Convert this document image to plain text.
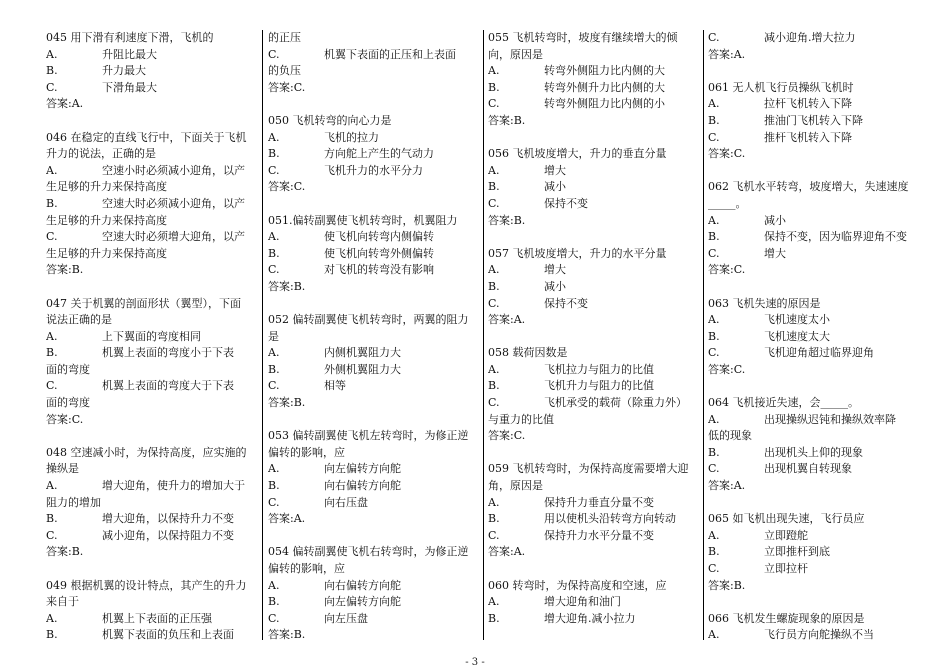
045 用下滑有利速度下滑，飞机的
A.	升阻比最大
B.	升力最大
C.	下滑角最大
答案:A.
046 在稳定的直线飞行中，下面关于飞机
升力的说法，正确的是
A.	空速小时必须减小迎角，以产
生足够的升力来保持高度
B.	空速大时必须减小迎角，以产
生足够的升力来保持高度
C.	空速大时必须增大迎角，以产
生足够的升力来保持高度
答案:B.
047 关于机翼的剖面形状（翼型），下面
说法正确的是
A.	上下翼面的弯度相同
B.	机翼上表面的弯度小于下表
面的弯度
C.	机翼上表面的弯度大于下表
面的弯度
答案:C.
048 空速减小时，为保持高度，应实施的
操纵是
A.	增大迎角，使升力的增加大于
阻力的增加
B.	增大迎角，以保持升力不变
C.	减小迎角，以保持阻力不变
答案:B.
049 根据机翼的设计特点，其产生的升力
来自于
A.	机翼上下表面的正压强
B.	机翼下表面的负压和上表面
的正压
C.	机翼下表面的正压和上表面
的负压
答案:C.
050 飞机转弯的向心力是
A.	飞机的拉力
B.	方向舵上产生的气动力
C.	飞机升力的水平分力
答案:C.
051.偏转副翼使飞机转弯时，机翼阻力
A.	使飞机向转弯内侧偏转
B.	使飞机向转弯外侧偏转
C.	对飞机的转弯没有影响
答案:B.
052 偏转副翼使飞机转弯时，两翼的阻力
是
A.	内侧机翼阻力大
B.	外侧机翼阻力大
C.	相等
答案:B.
053 偏转副翼使飞机左转弯时，为修正逆
偏转的影响，应
A.	向左偏转方向舵
B.	向右偏转方向舵
C.	向右压盘
答案:A.
054 偏转副翼使飞机右转弯时，为修正逆
偏转的影响，应
A.	向右偏转方向舵
B.	向左偏转方向舵
C.	向左压盘
答案:B.
055 飞机转弯时，坡度有继续增大的倾
向，原因是
A.	转弯外侧阻力比内侧的大
B.	转弯外侧升力比内侧的大
C.	转弯外侧阻力比内侧的小
答案:B.
056 飞机坡度增大，升力的垂直分量
A.	增大
B.	减小
C.	保持不变
答案:B.
057 飞机坡度增大，升力的水平分量
A.	增大
B.	减小
C.	保持不变
答案:A.
058 载荷因数是
A.	飞机拉力与阻力的比值
B.	飞机升力与阻力的比值
C.	飞机承受的载荷（除重力外）
与重力的比值
答案:C.
059 飞机转弯时，为保持高度需要增大迎
角，原因是
A.	保持升力垂直分量不变
B.	用以使机头沿转弯方向转动
C.	保持升力水平分量不变
答案:A.
060 转弯时，为保持高度和空速，应
A.	增大迎角和油门
B.	增大迎角.减小拉力
C.	减小迎角.增大拉力
答案:A.
061 无人机飞行员操纵飞机时
A.	拉杆飞机转入下降
B.	推油门飞机转入下降
C.	推杆飞机转入下降
答案:C.
062 飞机水平转弯，坡度增大，失速速度
_____。
A.	减小
B.	保持不变，因为临界迎角不变
C.	增大
答案:C.
063 飞机失速的原因是
A.	飞机速度太小
B.	飞机速度太大
C.	飞机迎角超过临界迎角
答案:C.
064 飞机接近失速，会_____。
A.	出现操纵迟钝和操纵效率降
低的现象
B.	出现机头上仰的现象
C.	出现机翼自转现象
答案:A.
065 如飞机出现失速，飞行员应
A.	立即蹬舵
B.	立即推杆到底
C.	立即拉杆
答案:B.
066 飞机发生螺旋现象的原因是
A.	飞行员方向舵操纵不当
- 3 -
